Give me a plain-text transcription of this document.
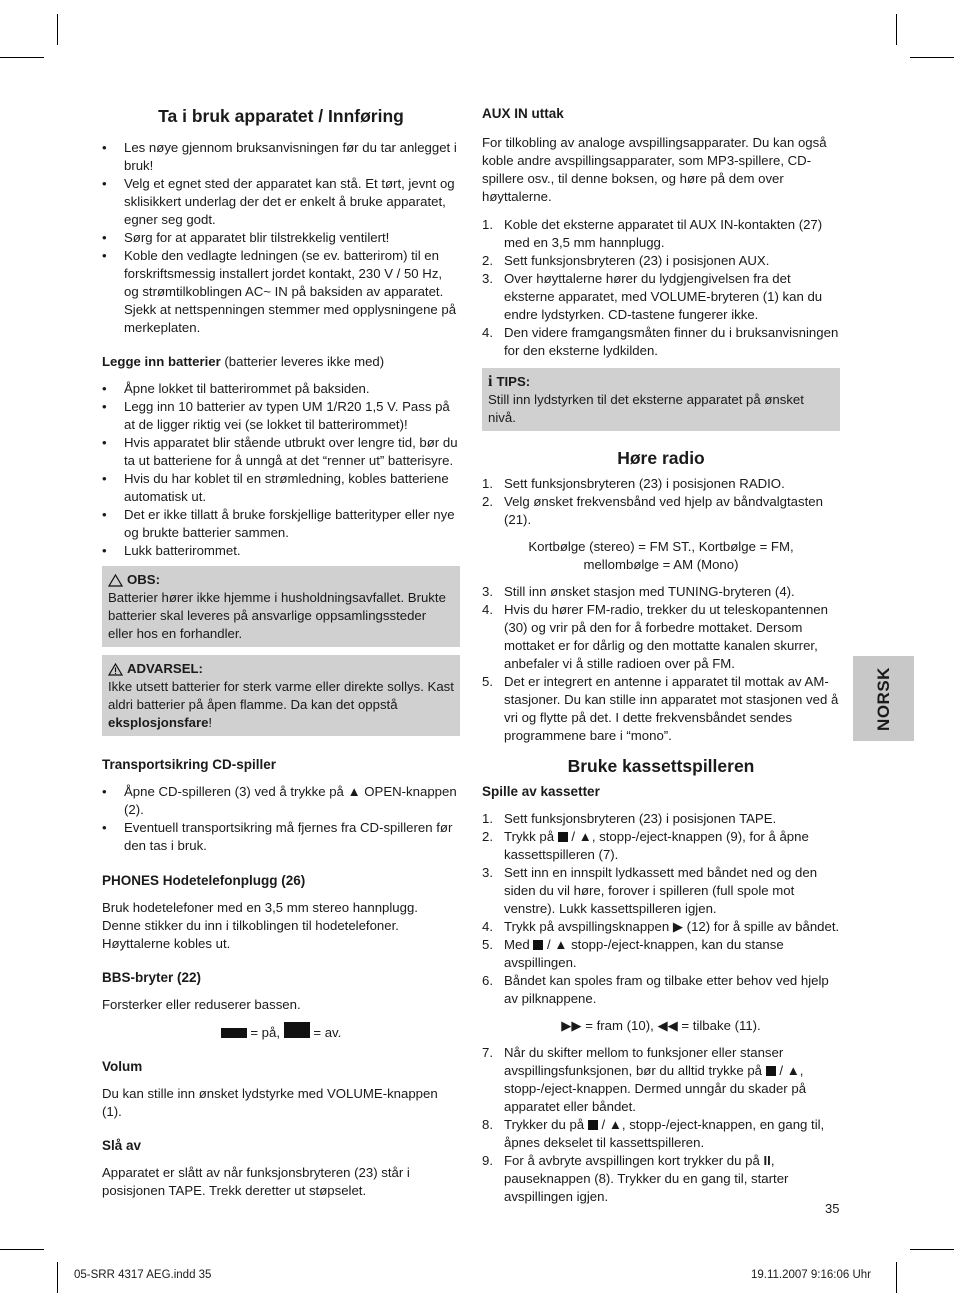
Ta i bruk apparatet / Innføring
• Les nøye gjennom bruksanvisningen før du tar anlegget i bruk!
• Velg et egnet sted der apparatet kan stå. Et tørt, jevnt og sklisikkert underlag der det er enkelt å bruke apparatet, egner seg godt.
• Sørg for at apparatet blir tilstrekkelig ventilert!
• Koble den vedlagte ledningen (se ev. batterirom) til en forskriftsmessig installert jordet kontakt, 230 V / 50 Hz, og strømtilkoblingen AC~ IN på baksiden av apparatet. Sjekk at nettspenningen stemmer med opplysningene på merkeplaten.

Legge inn batterier (batterier leveres ikke med)

• Åpne lokket til batterirommet på baksiden.
• Legg inn 10 batterier av typen UM 1/R20 1,5 V. Pass på at de ligger riktig vei (se lokket til batterirommet)!
• Hvis apparatet blir stående utbrukt over lengre tid, bør du ta ut batteriene for å unngå at det “renner ut” batterisyre.
• Hvis du har koblet til en strømledning, kobles batteriene automatisk ut.
• Det er ikke tillatt å bruke forskjellige batterityper eller nye og brukte batterier sammen.
• Lukk batterirommet.
OBS:
Batterier hører ikke hjemme i husholdningsavfallet. Brukte batterier skal leveres på ansvarlige oppsamlingssteder eller hos en forhandler.
ADVARSEL:
Ikke utsett batterier for sterk varme eller direkte sollys. Kast aldri batterier på åpen flamme. Da kan det oppstå eksplosjonsfare!
Transportsikring CD-spiller
• Åpne CD-spilleren (3) ved å trykke på ▲ OPEN-knappen (2).
• Eventuell transportsikring må fjernes fra CD-spilleren før den tas i bruk.
PHONES Hodetelefonplugg (26)

Bruk hodetelefoner med en 3,5 mm stereo hannplugg. Denne stikker du inn i tilkoblingen til hodetelefoner. Høyttalerne kobles ut.

BBS-bryter (22)

Forsterker eller reduserer bassen.

= på,	= av.

Volum

Du kan stille inn ønsket lydstyrke med VOLUME-knappen (1).

Slå av

Apparatet er slått av når funksjonsbryteren (23) står i posisjonen TAPE. Trekk deretter ut støpselet.

AUX IN uttak

For tilkobling av analoge avspillingsapparater. Du kan også koble andre avspillingsapparater, som MP3-spillere, CD-spillere osv., til denne boksen, og høre på dem over høyttalerne.

1. Koble det eksterne apparatet til AUX IN-kontakten (27) med en 3,5 mm hannplugg.
2. Sett funksjonsbryteren (23) i posisjonen AUX.
3. Over høyttalerne hører du lydgjengivelsen fra det eksterne apparatet, med VOLUME-bryteren (1) kan du endre lydstyrken. CD-tastene fungerer ikke.
4. Den videre framgangsmåten finner du i bruksanvisningen for den eksterne lydkilden.
i TIPS:
Still inn lydstyrken til det eksterne apparatet på ønsket nivå.
Høre radio
1. Sett funksjonsbryteren (23) i posisjonen RADIO.
2. Velg ønsket frekvensbånd ved hjelp av båndvalgtasten (21).

Kortbølge (stereo) = FM ST., Kortbølge = FM,
mellombølge = AM (Mono)

3. Still inn ønsket stasjon med TUNING-bryteren (4).
4. Hvis du hører FM-radio, trekker du ut teleskopantennen (30) og vrir på den for å forbedre mottaket. Dersom mottaket er for dårlig og den mottatte kanalen skurrer, anbefaler vi å stille radioen over på FM.
5. Det er integrert en antenne i apparatet til mottak av AM-stasjoner. Du kan stille inn apparatet mot stasjonen ved å vri og flytte på det. I dette frekvensbåndet sendes programmene bare i “mono”.
Bruke kassettspilleren
Spille av kassetter
1. Sett funksjonsbryteren (23) i posisjonen TAPE.
2. Trykk på  / ▲, stopp-/eject-knappen (9), for å åpne kassettspilleren (7).
3. Sett inn en innspilt lydkassett med båndet ned og den siden du vil høre, forover i spilleren (full spole mot venstre). Lukk kassettspilleren igjen.
4. Trykk på avspillingsknappen ▶ (12) for å spille av båndet.
5. Med  / ▲ stopp-/eject-knappen, kan du stanse avspillingen.
6. Båndet kan spoles fram og tilbake etter behov ved hjelp av pilknappene.

▶▶ = fram (10), ◀◀ = tilbake (11).

7. Når du skifter mellom to funksjoner eller stanser avspillingsfunksjonen, bør du alltid trykke på  / ▲, stopp-/eject-knappen. Dermed unngår du skader på apparatet eller båndet.
8. Trykker du på  / ▲, stopp-/eject-knappen, en gang til, åpnes dekselet til kassettspilleren.
9. For å avbryte avspillingen kort trykker du på II, pauseknappen (8). Trykker du en gang til, starter avspillingen igjen.
NORSK
35
05-SRR 4317 AEG.indd 35	19.11.2007 9:16:06 Uhr
